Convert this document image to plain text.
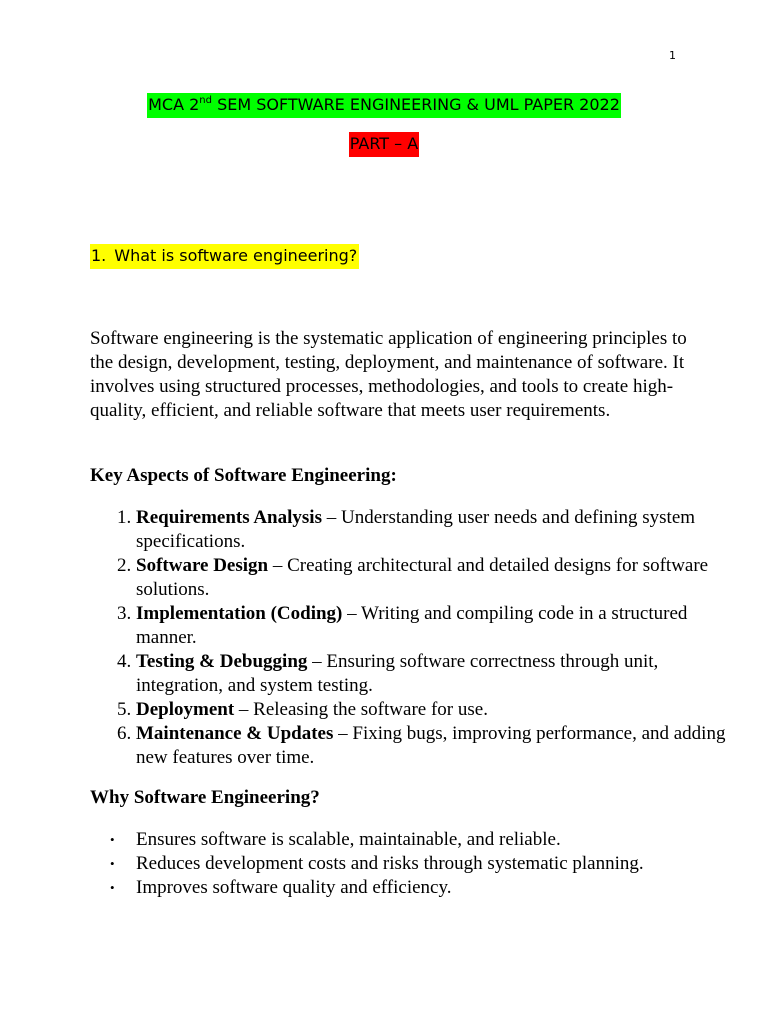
1
MCA 2nd SEM SOFTWARE ENGINEERING & UML PAPER 2022
PART – A
1. What is software engineering?

Software engineering is the systematic application of engineering principles to the design, development, testing, deployment, and maintenance of software. It involves using structured processes, methodologies, and tools to create high-quality, efficient, and reliable software that meets user requirements.

Key Aspects of Software Engineering:

1. Requirements Analysis – Understanding user needs and defining system specifications.
2. Software Design – Creating architectural and detailed designs for software solutions.
3. Implementation (Coding) – Writing and compiling code in a structured manner.
4. Testing & Debugging – Ensuring software correctness through unit, integration, and system testing.
5. Deployment – Releasing the software for use.
6. Maintenance & Updates – Fixing bugs, improving performance, and adding new features over time.

Why Software Engineering?

• Ensures software is scalable, maintainable, and reliable.
• Reduces development costs and risks through systematic planning.
• Improves software quality and efficiency.
